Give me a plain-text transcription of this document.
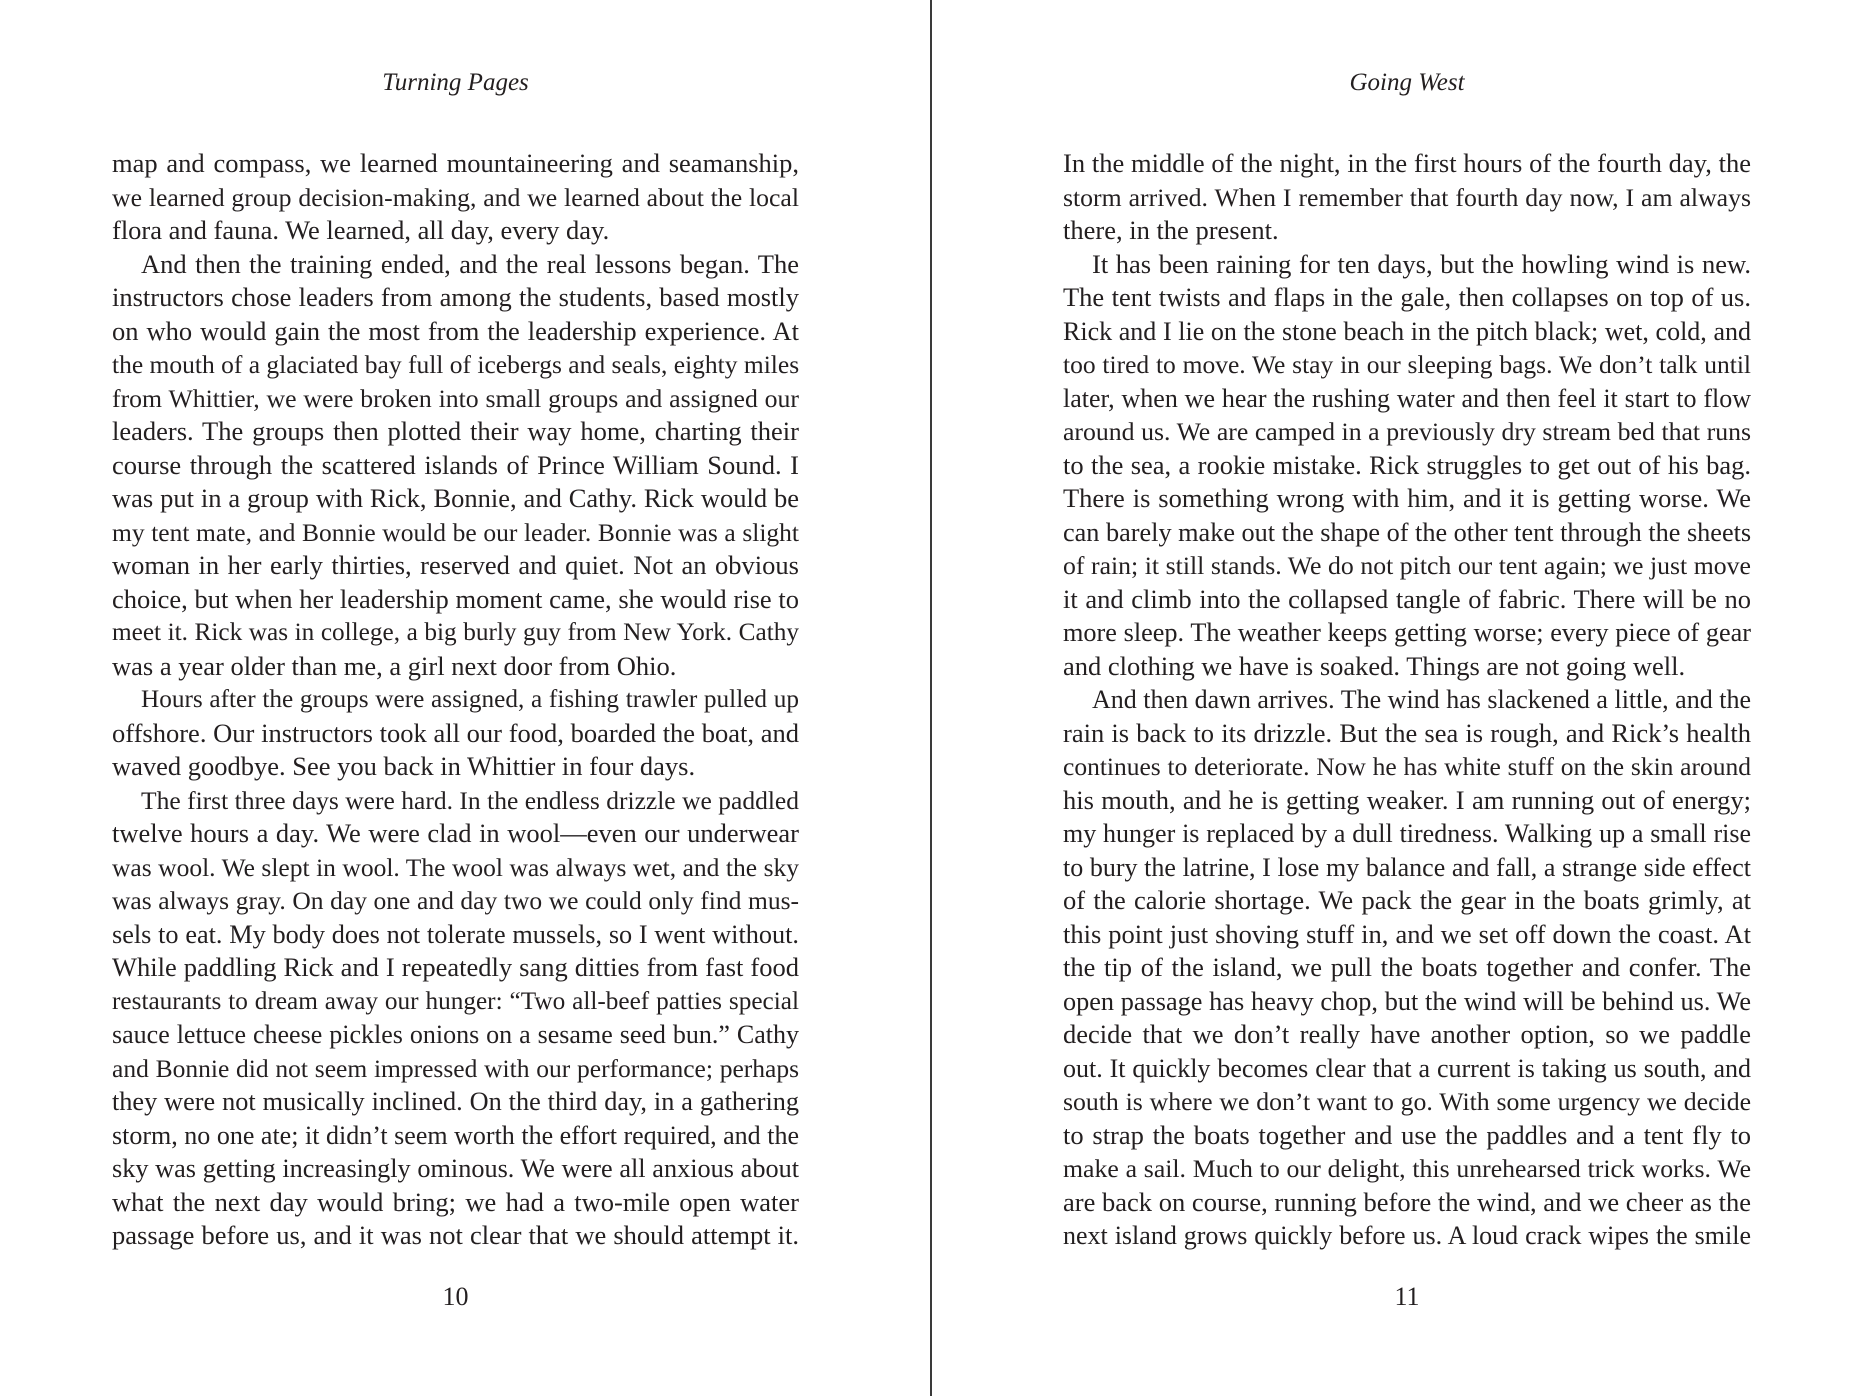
Turning Pages
map and compass, we learned mountaineering and seamanship,
we learned group decision-making, and we learned about the local
flora and fauna. We learned, all day, every day.
And then the training ended, and the real lessons began. The
instructors chose leaders from among the students, based mostly
on who would gain the most from the leadership experience. At
the mouth of a glaciated bay full of icebergs and seals, eighty miles
from Whittier, we were broken into small groups and assigned our
leaders. The groups then plotted their way home, charting their
course through the scattered islands of Prince William Sound. I
was put in a group with Rick, Bonnie, and Cathy. Rick would be
my tent mate, and Bonnie would be our leader. Bonnie was a slight
woman in her early thirties, reserved and quiet. Not an obvious
choice, but when her leadership moment came, she would rise to
meet it. Rick was in college, a big burly guy from New York. Cathy
was a year older than me, a girl next door from Ohio.
Hours after the groups were assigned, a fishing trawler pulled up
offshore. Our instructors took all our food, boarded the boat, and
waved goodbye. See you back in Whittier in four days.
The first three days were hard. In the endless drizzle we paddled
twelve hours a day. We were clad in wool—even our underwear
was wool. We slept in wool. The wool was always wet, and the sky
was always gray. On day one and day two we could only find mus-
sels to eat. My body does not tolerate mussels, so I went without.
While paddling Rick and I repeatedly sang ditties from fast food
restaurants to dream away our hunger: “Two all-beef patties special
sauce lettuce cheese pickles onions on a sesame seed bun.” Cathy
and Bonnie did not seem impressed with our performance; perhaps
they were not musically inclined. On the third day, in a gathering
storm, no one ate; it didn’t seem worth the effort required, and the
sky was getting increasingly ominous. We were all anxious about
what the next day would bring; we had a two-mile open water
passage before us, and it was not clear that we should attempt it.
10
Going West
In the middle of the night, in the first hours of the fourth day, the
storm arrived. When I remember that fourth day now, I am always
there, in the present.
It has been raining for ten days, but the howling wind is new.
The tent twists and flaps in the gale, then collapses on top of us.
Rick and I lie on the stone beach in the pitch black; wet, cold, and
too tired to move. We stay in our sleeping bags. We don’t talk until
later, when we hear the rushing water and then feel it start to flow
around us. We are camped in a previously dry stream bed that runs
to the sea, a rookie mistake. Rick struggles to get out of his bag.
There is something wrong with him, and it is getting worse. We
can barely make out the shape of the other tent through the sheets
of rain; it still stands. We do not pitch our tent again; we just move
it and climb into the collapsed tangle of fabric. There will be no
more sleep. The weather keeps getting worse; every piece of gear
and clothing we have is soaked. Things are not going well.
And then dawn arrives. The wind has slackened a little, and the
rain is back to its drizzle. But the sea is rough, and Rick’s health
continues to deteriorate. Now he has white stuff on the skin around
his mouth, and he is getting weaker. I am running out of energy;
my hunger is replaced by a dull tiredness. Walking up a small rise
to bury the latrine, I lose my balance and fall, a strange side effect
of the calorie shortage. We pack the gear in the boats grimly, at
this point just shoving stuff in, and we set off down the coast. At
the tip of the island, we pull the boats together and confer. The
open passage has heavy chop, but the wind will be behind us. We
decide that we don’t really have another option, so we paddle
out. It quickly becomes clear that a current is taking us south, and
south is where we don’t want to go. With some urgency we decide
to strap the boats together and use the paddles and a tent fly to
make a sail. Much to our delight, this unrehearsed trick works. We
are back on course, running before the wind, and we cheer as the
next island grows quickly before us. A loud crack wipes the smile
11
